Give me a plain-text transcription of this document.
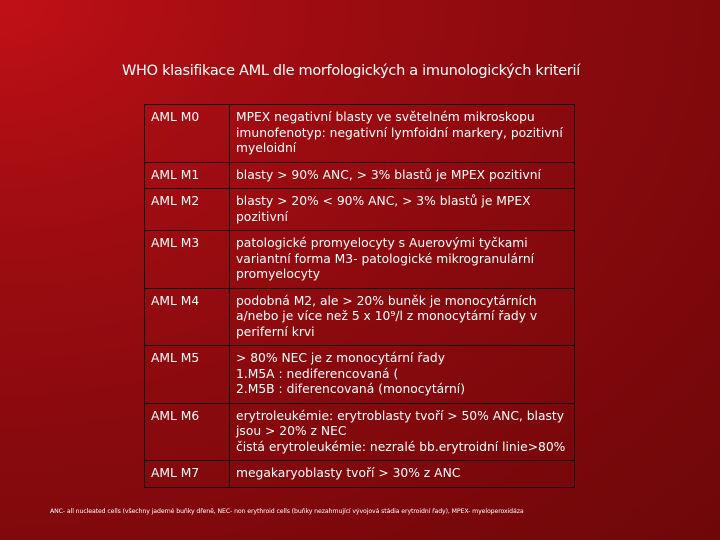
WHO klasifikace AML dle morfologických a imunologických kriterií
AML M0	MPEX negativní blasty ve světelném mikroskopu
imunofenotyp: negativní lymfoidní markery, pozitivní
myeloidní

AML M1	blasty > 90% ANC, > 3% blastů je MPEX pozitivní

AML M2	blasty > 20% < 90% ANC, > 3% blastů je MPEX
pozitivní

AML M3	patologické promyelocyty s Auerovými tyčkami
variantní forma M3- patologické mikrogranulární
promyelocyty

AML M4	podobná M2, ale > 20% buněk je monocytárních
a/nebo je více než 5 x 10⁹/l z monocytární řady v
periferní krvi

AML M5	> 80% NEC je z monocytární řady
1.M5A : nediferencovaná (
2.M5B : diferencovaná (monocytární)

AML M6	erytroleukémie: erytroblasty tvoří > 50% ANC, blasty
jsou > 20% z NEC
čistá erytroleukémie: nezralé bb.erytroidní linie>80%

AML M7	megakaryoblasty tvoří > 30% z ANC
ANC- all nucleated cells (všechny jaderné buňky dřeně, NEC- non erythroid cells (buňky nezahrnující vývojová stádia erytroidní řady), MPEX- myeloperoxidáza
